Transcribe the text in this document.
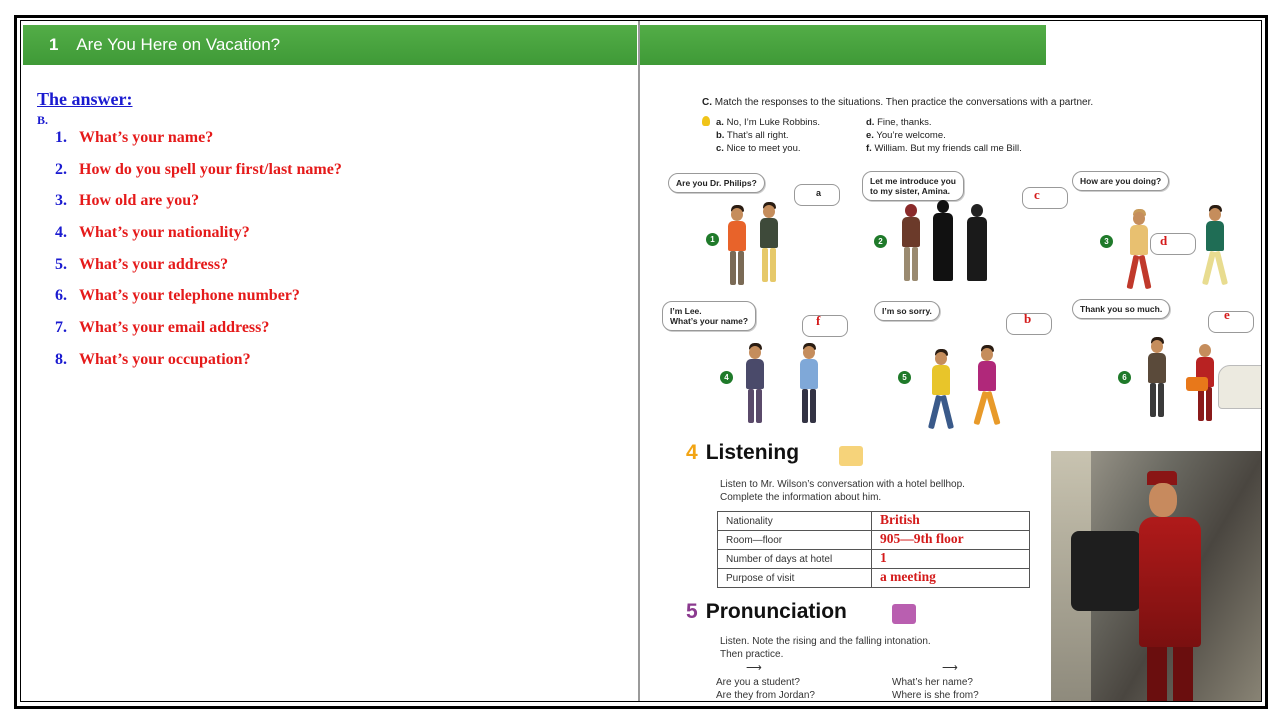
1 Are You Here on Vacation?
The answer:
B.
1. What’s your name?
2. How do you spell your first/last name?
3. How old are you?
4. What’s your nationality?
5. What’s your address?
6. What’s your telephone number?
7. What’s your email address?
8. What’s your occupation?
C. Match the responses to the situations. Then practice the conversations with a partner.
a. No, I’m Luke Robbins.
b. That’s all right.
c. Nice to meet you.
d. Fine, thanks.
e. You’re welcome.
f. William. But my friends call me Bill.
Are you Dr. Philips?
a
1
Let me introduce you
to my sister, Amina.	c
2
How are you doing?
d
3
I’m Lee.
What’s your name?	f
4
I’m so sorry.	b
5
Thank you so much.	e
6
4 Listening
Listen to Mr. Wilson’s conversation with a hotel bellhop.
Complete the information about him.
Nationality	British
Room—floor	905—9th floor
Number of days at hotel	1
Purpose of visit	a meeting
5 Pronunciation
Listen. Note the rising and the falling intonation.
Then practice.
⟶	⟶
Are you a student?
Are they from Jordan?
What’s her name?
Where is she from?
